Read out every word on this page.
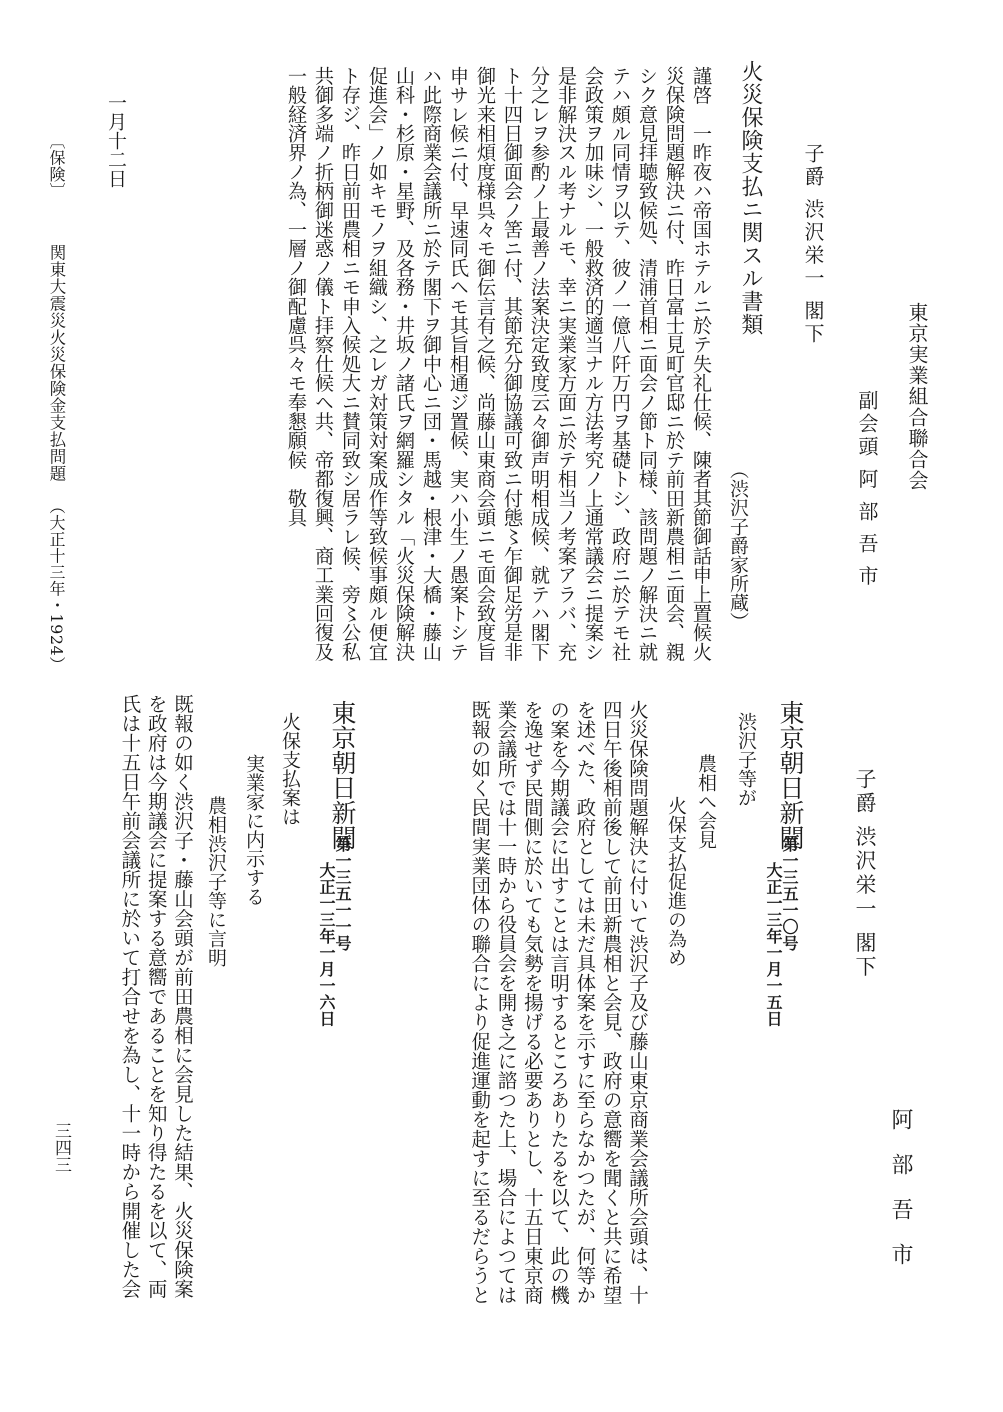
子爵 渋沢栄一 閣下
東京実業組合聯合会
副会頭 阿 部 吾 市
火災保険支払ニ関スル書類
（渋沢子爵家所蔵）
謹啓　一昨夜ハ帝国ホテルニ於テ失礼仕候、陳者其節御話申上置候火
災保険問題解決ニ付、昨日富士見町官邸ニ於テ前田新農相ニ面会、親
シク意見拝聴致候処、清浦首相ニ面会ノ節ト同様、該問題ノ解決ニ就
テハ頗ル同情ヲ以テ、彼ノ一億八阡万円ヲ基礎トシ、政府ニ於テモ社
会政策ヲ加味シ、一般救済的適当ナル方法考究ノ上通常議会ニ提案シ
是非解決スル考ナルモ、幸ニ実業家方面ニ於テ相当ノ考案アラバ、充
分之レヲ参酌ノ上最善ノ法案決定致度云々御声明相成候、就テハ閣下
ト十四日御面会ノ筈ニ付、其節充分御協議可致ニ付態〻乍御足労是非
御光来相煩度様呉々モ御伝言有之候、尚藤山東商会頭ニモ面会致度旨
申サレ候ニ付、早速同氏ヘモ其旨相通ジ置候、実ハ小生ノ愚案トシテ
ハ此際商業会議所ニ於テ閣下ヲ御中心ニ団・馬越・根津・大橋・藤山
山科・杉原・星野、及各務・井坂ノ諸氏ヲ網羅シタル「火災保険解決
促進会」ノ如キモノヲ組織シ、之レガ対策対案成作等致候事頗ル便宜
ト存ジ、昨日前田農相ニモ申入候処大ニ賛同致シ居ラレ候、旁〻公私
共御多端ノ折柄御迷惑ノ儀ト拝察仕候ヘ共、帝都復興、商工業回復及
一般経済界ノ為、一層ノ御配慮呉々モ奉懇願候　敬具
一月十二日
〔保険〕
関東大震災火災保険金支払問題
（大正十三年・1924）
子爵 渋沢栄一 閣下
阿 部 吾 市
東京朝日新聞
第一三五一〇号
大正一三年一月一五日
渋沢子等が
農相へ会見
火保支払促進の為め
火災保険問題解決に付いて渋沢子及び藤山東京商業会議所会頭は、十
四日午後相前後して前田新農相と会見、政府の意嚮を聞くと共に希望
を述べた、政府としては未だ具体案を示すに至らなかつたが、何等か
の案を今期議会に出すことは言明するところありたるを以て、此の機
を逸せず民間側に於いても気勢を揚げる必要ありとし、十五日東京商
業会議所では十一時から役員会を開き之に諮つた上、場合によつては
既報の如く民間実業団体の聯合により促進運動を起すに至るだらうと
東京朝日新聞
第一三五一一号
大正一三年一月一六日
火保支払案は
実業家に内示する
農相渋沢子等に言明
既報の如く渋沢子・藤山会頭が前田農相に会見した結果、火災保険案
を政府は今期議会に提案する意嚮であることを知り得たるを以て、両
氏は十五日午前会議所に於いて打合せを為し、十一時から開催した会
三四三
